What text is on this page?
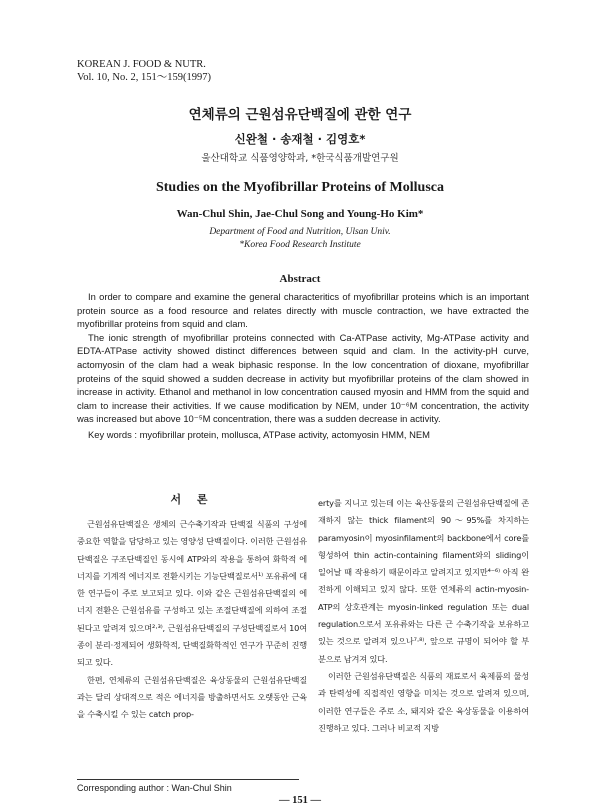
KOREAN J. FOOD & NUTR.
Vol. 10, No. 2, 151～159(1997)
연체류의 근원섬유단백질에 관한 연구
신완철 · 송재철 · 김영호*
울산대학교 식품영양학과, *한국식품개발연구원
Studies on the Myofibrillar Proteins of Mollusca
Wan-Chul Shin, Jae-Chul Song and Young-Ho Kim*
Department of Food and Nutrition, Ulsan Univ.
*Korea Food Research Institute
Abstract

In order to compare and examine the general characteritics of myofibrillar proteins which is an important protein source as a food resource and relates directly with muscle contraction, we have extracted the myofibrillar proteins from squid and clam.

The ionic strength of myofibrillar proteins connected with Ca-ATPase activity, Mg-ATPase activity and EDTA-ATPase activity showed distinct differences between squid and clam. In the activity-pH curve, actomyosin of the clam had a weak biphasic response. In the low concentration of dioxane, myofibrillar proteins of the squid showed a sudden decrease in activity but myofibrillar proteins of the clam showed in increase in activity. Ethanol and methanol in low concentration caused myosin and HMM from the squid and clam to increase their activities. If we cause modification by NEM, under 10⁻⁶M concentration, the activity was increased but above 10⁻⁵M concentration, there was a sudden decrease in activity.

Key words : myofibrillar protein, mollusca, ATPase activity, actomyosin HMM, NEM

서 론

근원섬유단백질은 생체의 근수축기작과 단백질 식품의 구성에 중요한 역할을 담당하고 있는 영양성 단백질이다. 이러한 근원섬유단백질은 구조단백질인 동시에 ATP와의 작용을 통하여 화학적 에너지를 기계적 에너지로 전환시키는 기능단백질로서¹⁾ 포유류에 대한 연구들이 주로 보고되고 있다. 이와 같은 근원섬유단백질의 에너지 전환은 근원섬유를 구성하고 있는 조절단백질에 의하여 조절된다고 알려져 있으며²·³⁾, 근원섬유단백질의 구성단백질로서 10여종이 분리·정제되어 생화학적, 단백질화학적인 연구가 꾸준히 진행되고 있다.

한편, 연체류의 근원섬유단백질은 육상동물의 근원섬유단백질과는 달리 상대적으로 적은 에너지를 방출하면서도 오랫동안 근육을 수축시킬 수 있는 catch prop-

erty를 지니고 있는데 이는 육산동물의 근원섬유단백질에 존재하지 않는 thick filament의 90～95%를 차지하는 paramyosin이 myosinfilament의 backbone에서 core를 형성하여 thin actin-containing filament와의 sliding이 일어날 때 작용하기 때문이라고 알려지고 있지만⁴⁻⁶⁾ 아직 완전하게 이해되고 있지 않다. 또한 연체류의 actin-myosin-ATP의 상호관계는 myosin-linked regulation 또는 dual regulation으로서 포유류와는 다른 근 수축기작을 보유하고 있는 것으로 알려져 있으나⁷·⁸⁾, 앞으로 규명이 되어야 할 부분으로 남겨져 있다.

이러한 근원섬유단백질은 식품의 재료로서 육제품의 물성과 탄력성에 직접적인 영향을 미치는 것으로 알려져 있으며, 이러한 연구들은 주로 소, 돼지와 같은 육상동물을 이용하여 진행하고 있다. 그러나 비교적 지방

Corresponding author : Wan-Chul Shin
— 151 —
